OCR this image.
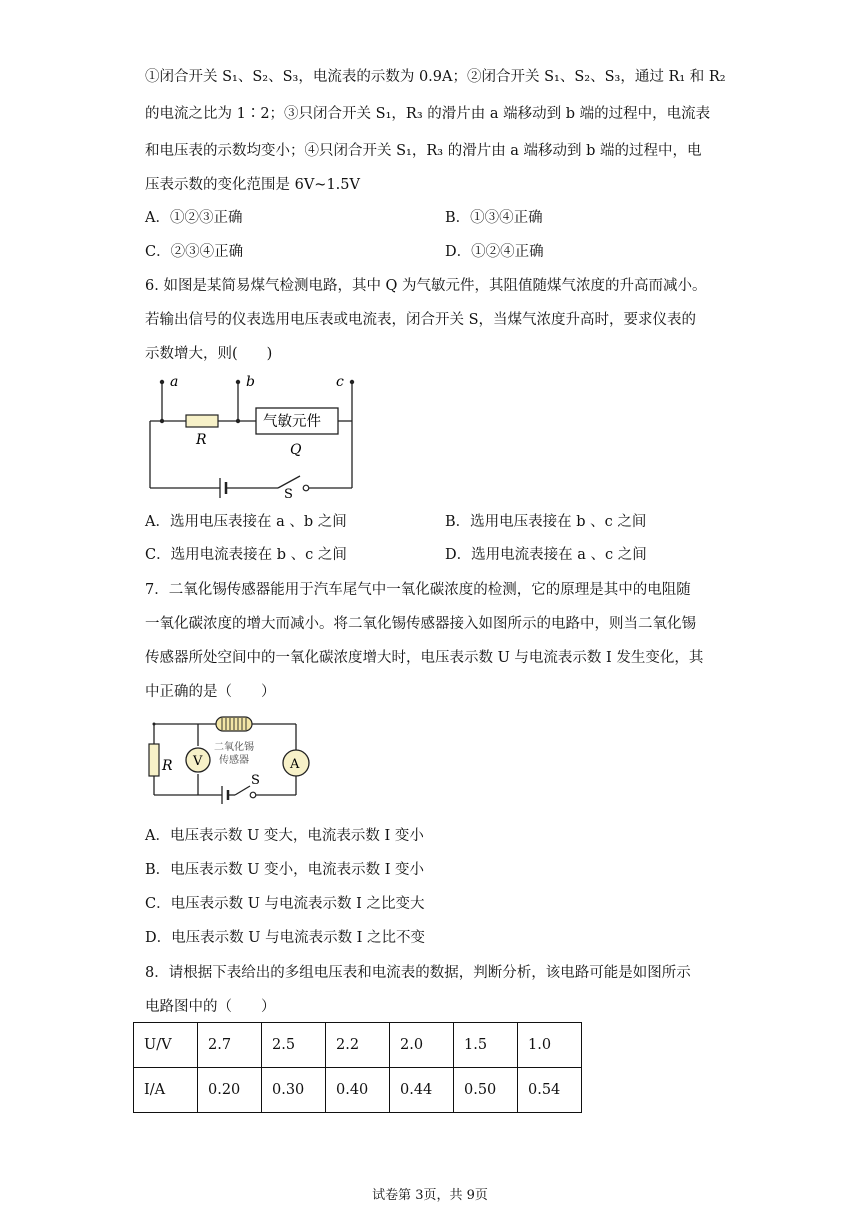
①闭合开关 S₁、S₂、S₃，电流表的示数为 0.9A；②闭合开关 S₁、S₂、S₃，通过 R₁ 和 R₂
的电流之比为 1∶2；③只闭合开关 S₁，R₃ 的滑片由 a 端移动到 b 端的过程中，电流表
和电压表的示数均变小；④只闭合开关 S₁，R₃ 的滑片由 a 端移动到 b 端的过程中，电
压表示数的变化范围是 6V~1.5V
A．①②③正确	B．①③④正确
C．②③④正确	D．①②④正确
6. 如图是某简易煤气检测电路，其中 Q 为气敏元件，其阻值随煤气浓度的升高而减小。
若输出信号的仪表选用电压表或电流表，闭合开关 S，当煤气浓度升高时，要求仪表的
示数增大，则(　　)
a	b	c
R
气敏元件
Q
S
A．选用电压表接在 a 、b 之间	B．选用电压表接在 b 、c 之间
C．选用电流表接在 b 、c 之间	D．选用电流表接在 a 、c 之间
7．二氧化锡传感器能用于汽车尾气中一氧化碳浓度的检测，它的原理是其中的电阻随
一氧化碳浓度的增大而减小。将二氧化锡传感器接入如图所示的电路中，则当二氧化锡
传感器所处空间中的一氧化碳浓度增大时，电压表示数 U 与电流表示数 I 发生变化，其
中正确的是（　　）
R V	A
二氧化锡
传感器
S
A．电压表示数 U 变大，电流表示数 I 变小
B．电压表示数 U 变小，电流表示数 I 变小
C．电压表示数 U 与电流表示数 I 之比变大
D．电压表示数 U 与电流表示数 I 之比不变
8．请根据下表给出的多组电压表和电流表的数据，判断分析，该电路可能是如图所示
电路图中的（　　）
U/V	2.7	2.5	2.2	2.0	1.5	1.0
I/A	0.20	0.30	0.40	0.44	0.50	0.54
试卷第 3页，共 9页
